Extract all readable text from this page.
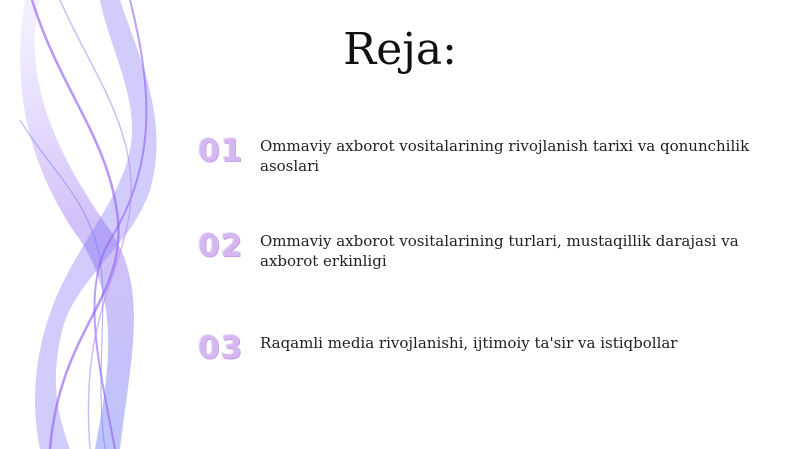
Reja:
01 Ommaviy axborot vositalarining rivojlanish tarixi va qonunchilik asoslari
02 Ommaviy axborot vositalarining turlari, mustaqillik darajasi va axborot erkinligi
03 Raqamli media rivojlanishi, ijtimoiy ta'sir va istiqbollar
